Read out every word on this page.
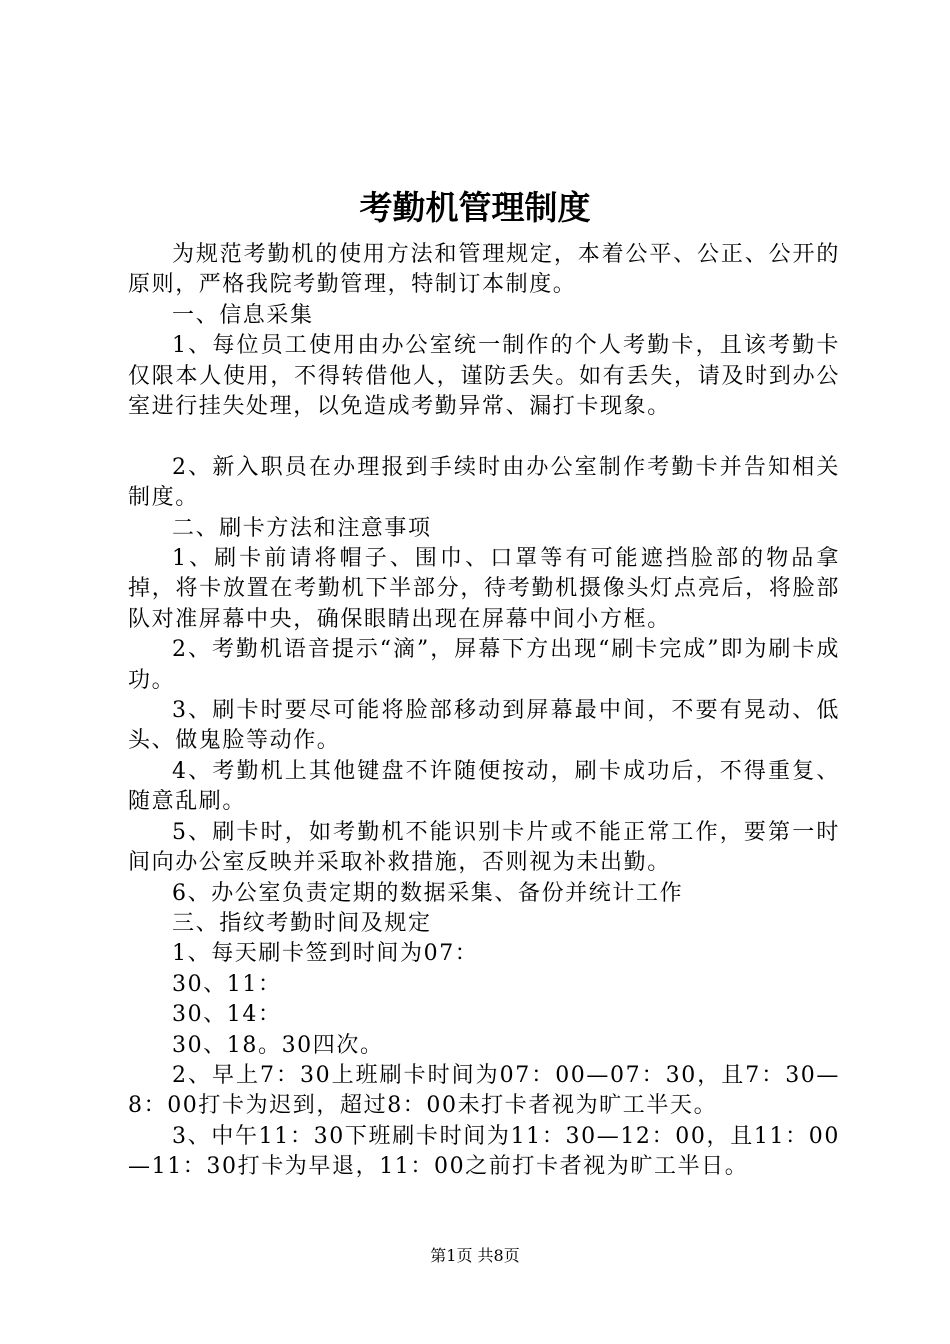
考勤机管理制度

为规范考勤机的使用方法和管理规定，本着公平、公正、公开的原则，严格我院考勤管理，特制订本制度。

一、信息采集

1、每位员工使用由办公室统一制作的个人考勤卡，且该考勤卡仅限本人使用，不得转借他人，谨防丢失。如有丢失，请及时到办公室进行挂失处理，以免造成考勤异常、漏打卡现象。

2、新入职员在办理报到手续时由办公室制作考勤卡并告知相关制度。

二、刷卡方法和注意事项

1、刷卡前请将帽子、围巾、口罩等有可能遮挡脸部的物品拿掉，将卡放置在考勤机下半部分，待考勤机摄像头灯点亮后，将脸部队对准屏幕中央，确保眼睛出现在屏幕中间小方框。

2、考勤机语音提示“滴”，屏幕下方出现“刷卡完成”即为刷卡成功。

3、刷卡时要尽可能将脸部移动到屏幕最中间，不要有晃动、低头、做鬼脸等动作。

4、考勤机上其他键盘不许随便按动，刷卡成功后，不得重复、随意乱刷。

5、刷卡时，如考勤机不能识别卡片或不能正常工作，要第一时间向办公室反映并采取补救措施，否则视为未出勤。

6、办公室负责定期的数据采集、备份并统计工作

三、指纹考勤时间及规定

1、每天刷卡签到时间为07：

30、11：

30、14：

30、18。30四次。

2、早上7：30上班刷卡时间为07：00—07：30，且7：30—8：00打卡为迟到，超过8：00未打卡者视为旷工半天。

3、中午11：30下班刷卡时间为11：30—12：00，且11：00—11：30打卡为早退，11：00之前打卡者视为旷工半日。

第1页 共8页
